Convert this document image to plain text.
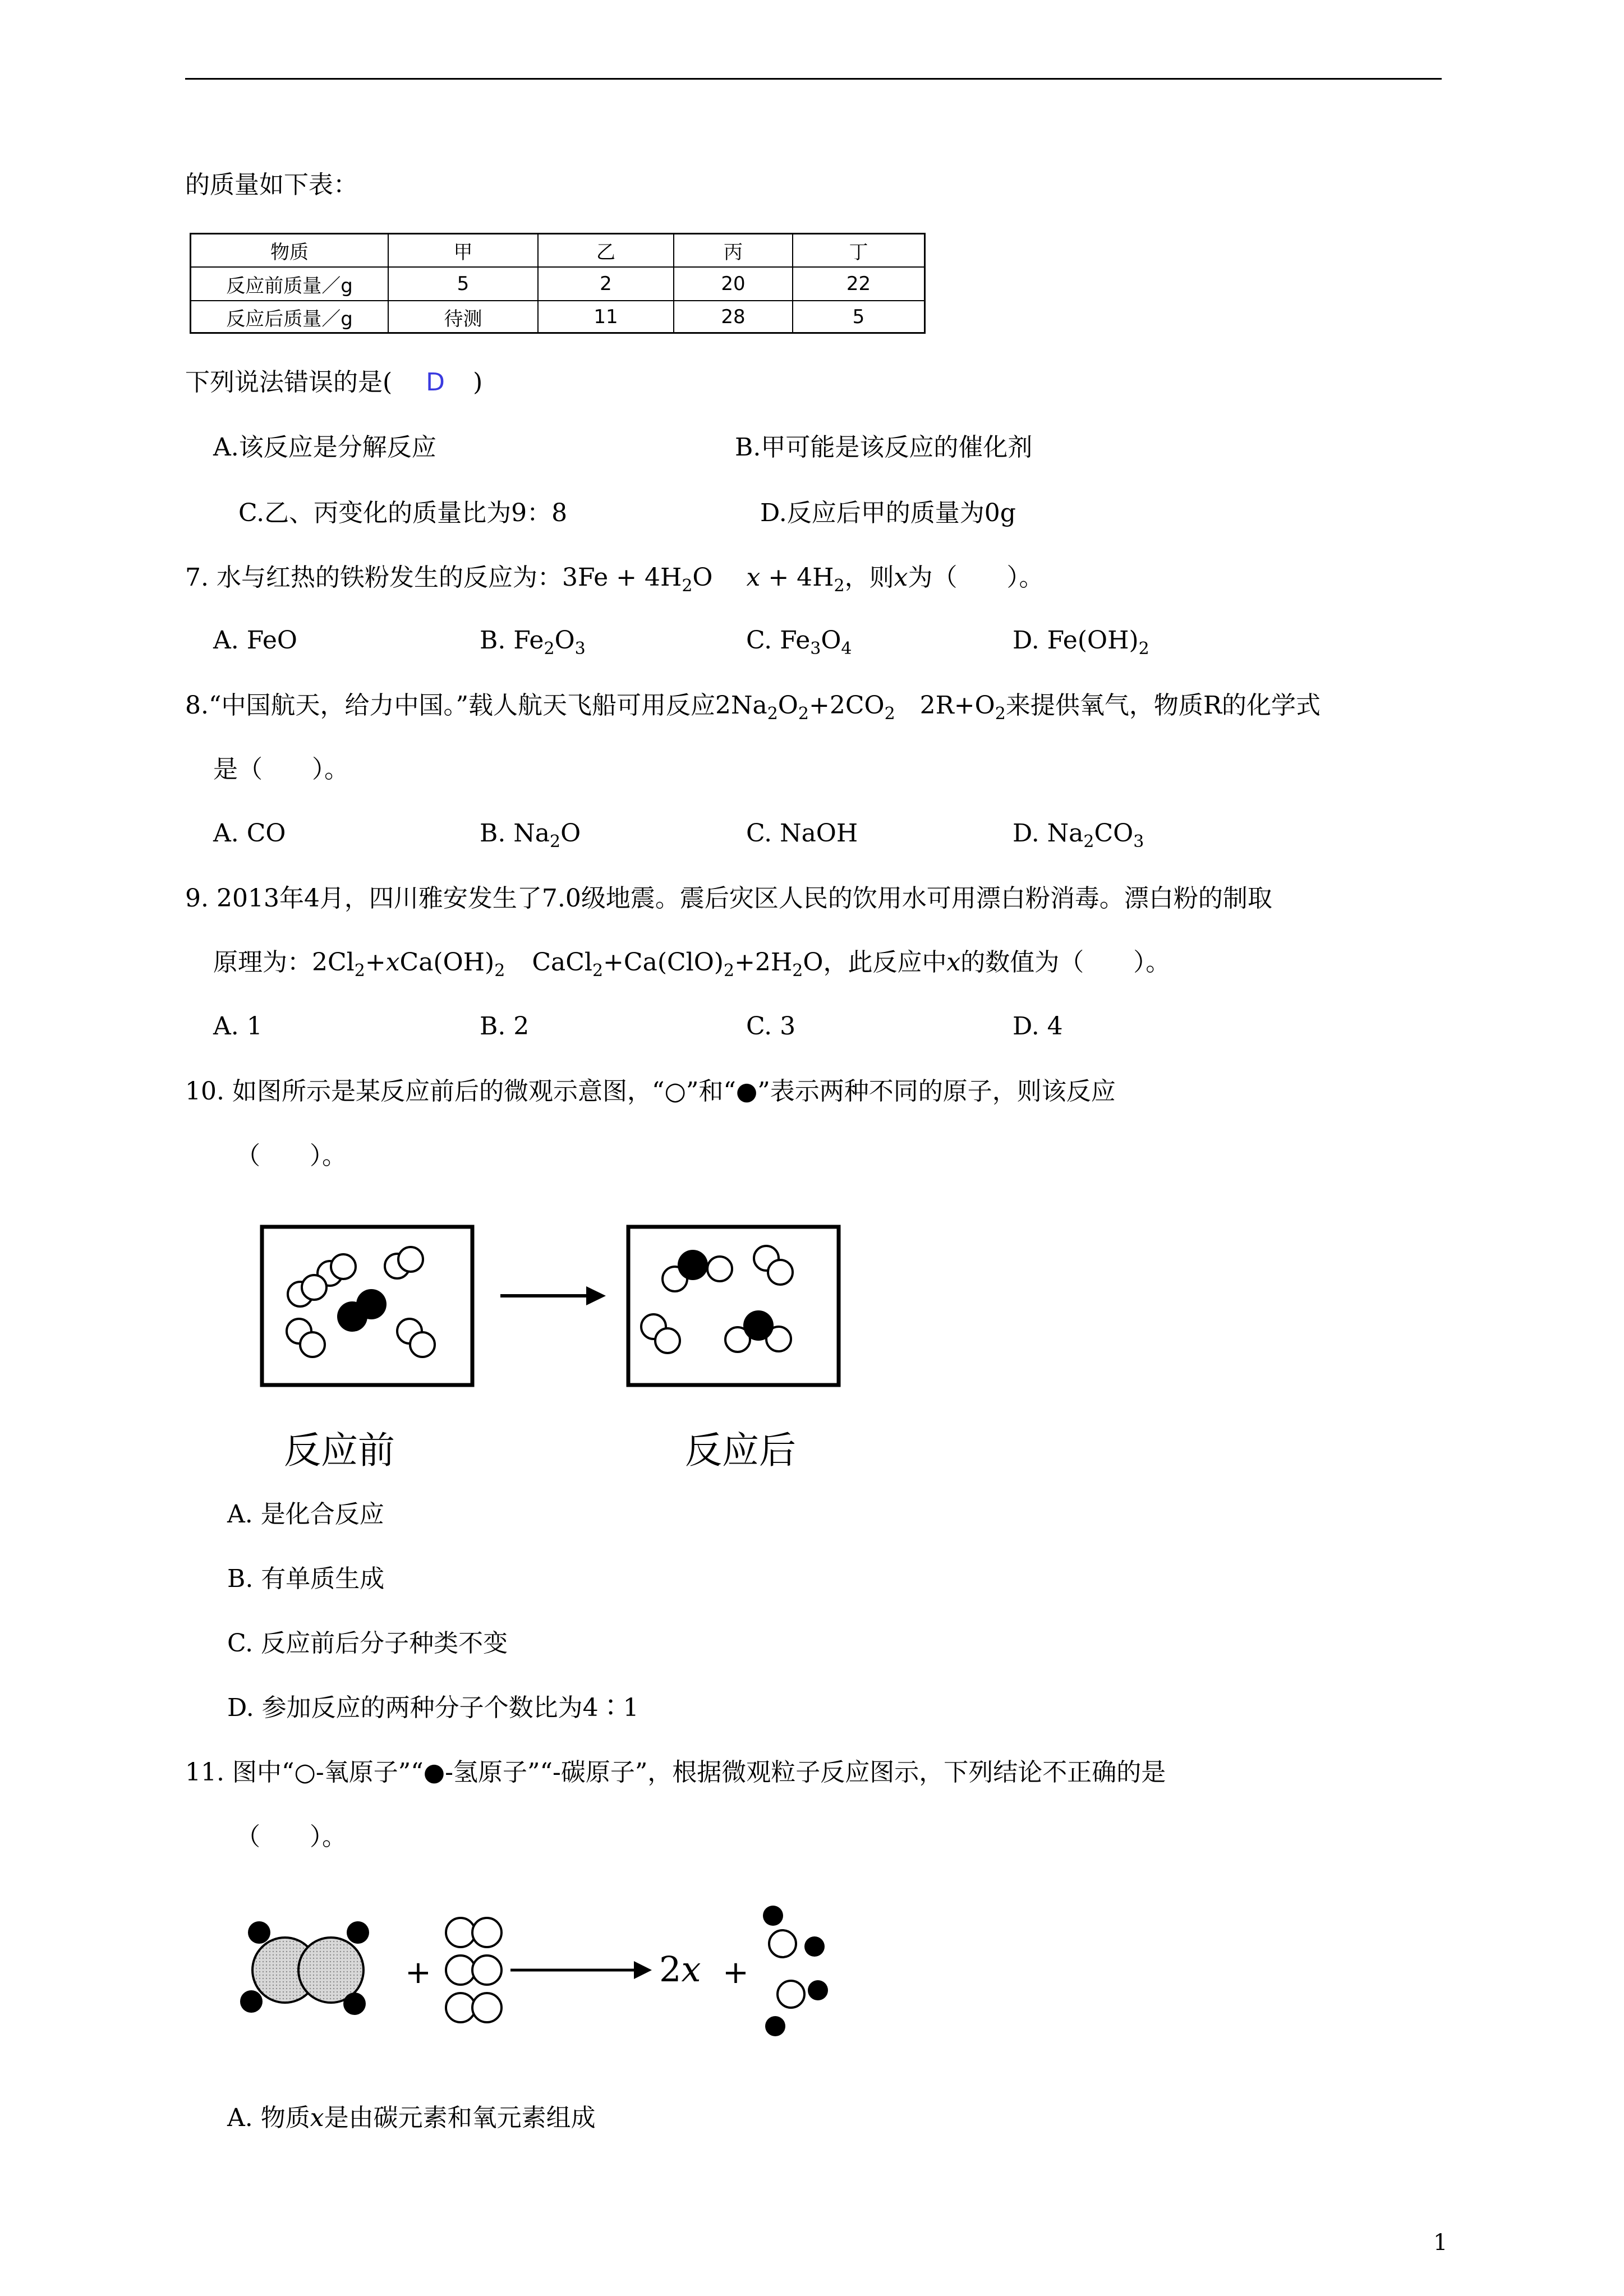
的质量如下表：
物质	甲	乙	丙	丁
反应前质量／g	5	2	20	22
反应后质量／g	待测	11	28	5
下列说法错误的是( D )
A.该反应是分解反应	B.甲可能是该反应的催化剂
C.乙、丙变化的质量比为9：8	D.反应后甲的质量为0g
7. 水与红热的铁粉发生的反应为：$3Fe + 4H_2O$ $x + 4H_2$，则x为（　　）。
A. FeO	B. $Fe_2O_3$	C. $Fe_3O_4$	D. $Fe(OH)_2$
8.“中国航天，给力中国。”载人航天飞船可用反应$2Na_2O_2+2CO_2$ $2R+O_2$来提供氧气，物质R的化学式
是（　　）。
A. CO	B. $Na_2O$	C. NaOH	D. $Na_2CO_3$
9. 2013年4月，四川雅安发生了7.0级地震。震后灾区人民的饮用水可用漂白粉消毒。漂白粉的制取
原理为：$2Cl_2+xCa(OH)_2$ $CaCl_2+Ca(ClO)_2+2H_2O$，此反应中x的数值为（　　）。
A. 1	B. 2	C. 3	D. 4
10. 如图所示是某反应前后的微观示意图，“○”和“●”表示两种不同的原子，则该反应
（　　）。
反应前	反应后
A. 是化合反应
B. 有单质生成
C. 反应前后分子种类不变
D. 参加反应的两种分子个数比为4∶1
11. 图中“○-氧原子”“●-氢原子”“-碳原子”，根据微观粒子反应图示，下列结论不正确的是
（　　）。
+	2x +
A. 物质x是由碳元素和氧元素组成
1
